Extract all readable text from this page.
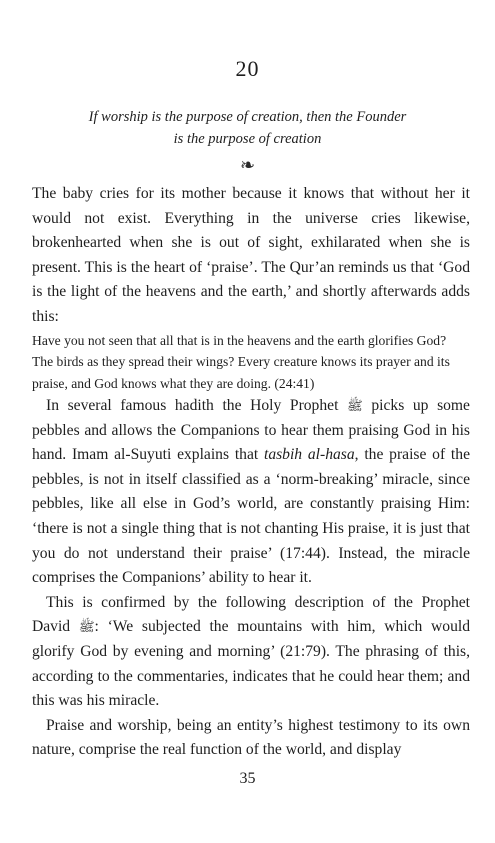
20
If worship is the purpose of creation, then the Founder
is the purpose of creation
❧

The baby cries for its mother because it knows that without her it would not exist. Everything in the universe cries likewise, brokenhearted when she is out of sight, exhilarated when she is present. This is the heart of ‘praise’. The Qur’an reminds us that ‘God is the light of the heavens and the earth,’ and shortly afterwards adds this:

Have you not seen that all that is in the heavens and the earth glorifies God? The birds as they spread their wings? Every creature knows its prayer and its praise, and God knows what they are doing. (24:41)

In several famous hadith the Holy Prophet ﷺ picks up some pebbles and allows the Companions to hear them praising God in his hand. Imam al-Suyuti explains that tasbih al-hasa, the praise of the pebbles, is not in itself classified as a ‘norm-breaking’ miracle, since pebbles, like all else in God’s world, are constantly praising Him: ‘there is not a single thing that is not chanting His praise, it is just that you do not understand their praise’ (17:44). Instead, the miracle comprises the Companions’ ability to hear it.

This is confirmed by the following description of the Prophet David ﷺ: ‘We subjected the mountains with him, which would glorify God by evening and morning’ (21:79). The phrasing of this, according to the commentaries, indicates that he could hear them; and this was his miracle.

Praise and worship, being an entity’s highest testimony to its own nature, comprise the real function of the world, and display

35
